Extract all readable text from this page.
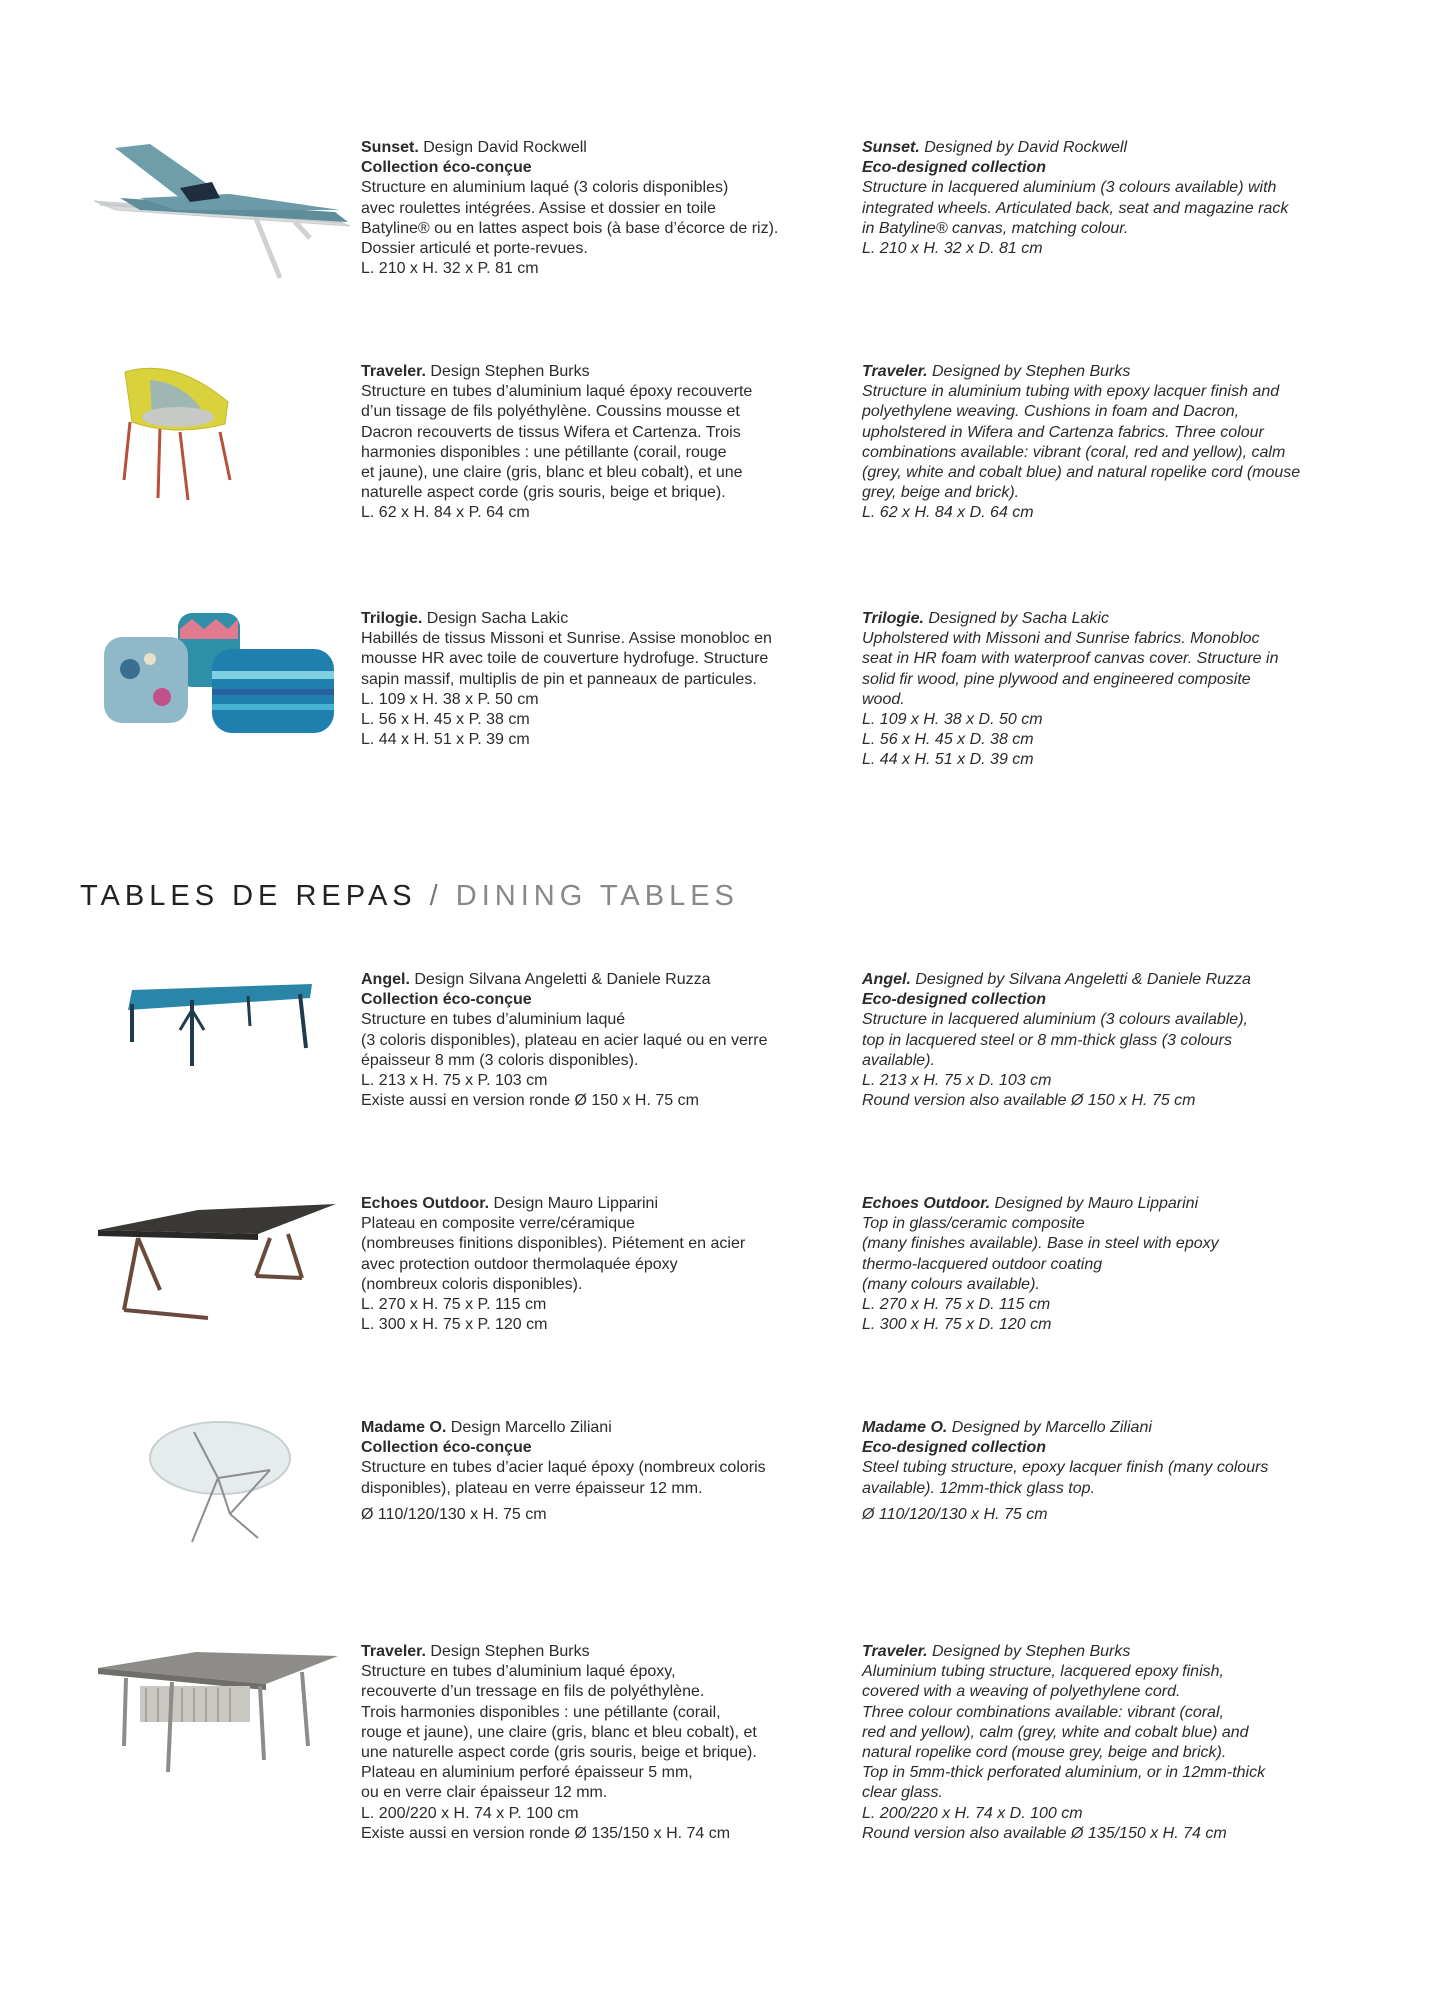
Sunset. Design David Rockwell

Collection éco-conçue

Structure en aluminium laqué (3 coloris disponibles)

avec roulettes intégrées. Assise et dossier en toile

Batyline® ou en lattes aspect bois (à base d’écorce de riz).

Dossier articulé et porte-revues.

L. 210 x H. 32 x P. 81 cm

Sunset. Designed by David Rockwell

Eco-designed collection

Structure in lacquered aluminium (3 colours available) with

integrated wheels. Articulated back, seat and magazine rack

in Batyline® canvas, matching colour.

L. 210 x H. 32 x D. 81 cm

Traveler. Design Stephen Burks

Structure en tubes d’aluminium laqué époxy recouverte

d’un tissage de fils polyéthylène. Coussins mousse et

Dacron recouverts de tissus Wifera et Cartenza. Trois

harmonies disponibles : une pétillante (corail, rouge

et jaune), une claire (gris, blanc et bleu cobalt), et une

naturelle aspect corde (gris souris, beige et brique).

L. 62 x H. 84 x P. 64 cm

Traveler. Designed by Stephen Burks

Structure in aluminium tubing with epoxy lacquer finish and

polyethylene weaving. Cushions in foam and Dacron,

upholstered in Wifera and Cartenza fabrics. Three colour

combinations available: vibrant (coral, red and yellow), calm

(grey, white and cobalt blue) and natural ropelike cord (mouse

grey, beige and brick).

L. 62 x H. 84 x D. 64 cm

Trilogie. Design Sacha Lakic

Habillés de tissus Missoni et Sunrise. Assise monobloc en

mousse HR avec toile de couverture hydrofuge. Structure

sapin massif, multiplis de pin et panneaux de particules.

L. 109 x H. 38 x P. 50 cm

L. 56 x H. 45 x P. 38 cm

L. 44 x H. 51 x P. 39 cm

Trilogie. Designed by Sacha Lakic

Upholstered with Missoni and Sunrise fabrics. Monobloc

seat in HR foam with waterproof canvas cover. Structure in

solid fir wood, pine plywood and engineered composite

wood.

L. 109 x H. 38 x D. 50 cm

L. 56 x H. 45 x D. 38 cm

L. 44 x H. 51 x D. 39 cm

TABLES DE REPAS / DINING TABLES

Angel. Design Silvana Angeletti & Daniele Ruzza

Collection éco-conçue

Structure en tubes d’aluminium laqué

(3 coloris disponibles), plateau en acier laqué ou en verre

épaisseur 8 mm (3 coloris disponibles).

L. 213 x H. 75 x P. 103 cm

Existe aussi en version ronde Ø 150 x H. 75 cm

Angel. Designed by Silvana Angeletti & Daniele Ruzza

Eco-designed collection

Structure in lacquered aluminium (3 colours available),

top in lacquered steel or 8 mm-thick glass (3 colours

available).

L. 213 x H. 75 x D. 103 cm

Round version also available Ø 150 x H. 75 cm

Echoes Outdoor. Design Mauro Lipparini

Plateau en composite verre/céramique

(nombreuses finitions disponibles). Piétement en acier

avec protection outdoor thermolaquée époxy

(nombreux coloris disponibles).

L. 270 x H. 75 x P. 115 cm

L. 300 x H. 75 x P. 120 cm

Echoes Outdoor. Designed by Mauro Lipparini

Top in glass/ceramic composite

(many finishes available). Base in steel with epoxy

thermo-lacquered outdoor coating

(many colours available).

L. 270 x H. 75 x D. 115 cm

L. 300 x H. 75 x D. 120 cm

Madame O. Design Marcello Ziliani

Collection éco-conçue

Structure en tubes d’acier laqué époxy (nombreux coloris

disponibles), plateau en verre épaisseur 12 mm.

Ø 110/120/130 x H. 75 cm

Madame O. Designed by Marcello Ziliani

Eco-designed collection

Steel tubing structure, epoxy lacquer finish (many colours

available). 12mm-thick glass top.

Ø 110/120/130 x H. 75 cm

Traveler. Design Stephen Burks

Structure en tubes d’aluminium laqué époxy,

recouverte d’un tressage en fils de polyéthylène.

Trois harmonies disponibles : une pétillante (corail,

rouge et jaune), une claire (gris, blanc et bleu cobalt), et

une naturelle aspect corde (gris souris, beige et brique).

Plateau en aluminium perforé épaisseur 5 mm,

ou en verre clair épaisseur 12 mm.

L. 200/220 x H. 74 x P. 100 cm

Existe aussi en version ronde Ø 135/150 x H. 74 cm

Traveler. Designed by Stephen Burks

Aluminium tubing structure, lacquered epoxy finish,

covered with a weaving of polyethylene cord.

Three colour combinations available: vibrant (coral,

red and yellow), calm (grey, white and cobalt blue) and

natural ropelike cord (mouse grey, beige and brick).

Top in 5mm-thick perforated aluminium, or in 12mm-thick

clear glass.

L. 200/220 x H. 74 x D. 100 cm

Round version also available Ø 135/150 x H. 74 cm
